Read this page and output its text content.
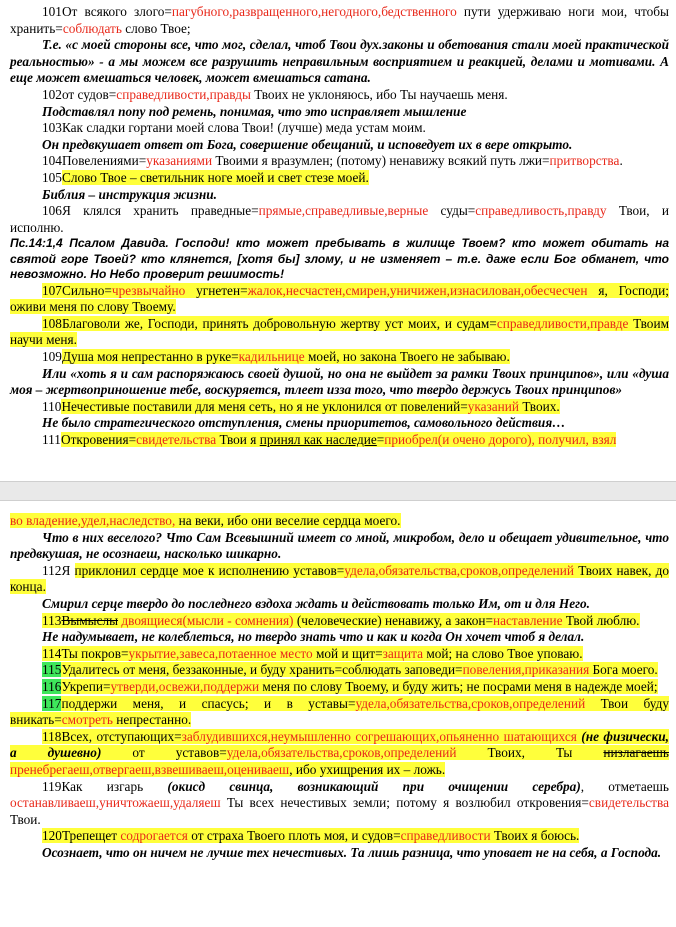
101От всякого злого=пагубного,развращенного,негодного,бедственного пути удерживаю ноги мои, чтобы хранить=соблюдать слово Твое;

Т.е. «с моей стороны все, что мог, сделал, чтоб Твои дух.законы и обетования стали моей практической реальностью» - а мы можем все разрушить неправильным восприятием и реакцией, делами и мотивами. А еще может вмешаться человек, может вмешаться сатана.

102от судов=справедливости,правды Твоих не уклоняюсь, ибо Ты научаешь меня.

Подставлял попу под ремень, понимая, что это исправляет мышление

103Как сладки гортани моей слова Твои! (лучше) меда устам моим.

Он предвкушает ответ от Бога, совершение обещаний, и исповедует их в вере открыто.

104Повелениями=указаниями Твоими я вразумлен; (потому) ненавижу всякий путь лжи=притворства.

105Слово Твое – светильник ноге моей и свет стезе моей.

Библия – инструкция жизни.

106Я клялся хранить праведные=прямые,справедливые,верные суды=справедливость,правду Твои, и исполню.

Пс.14:1,4 Псалом Давида. Господи! кто может пребывать в жилище Твоем? кто может обитать на святой горе Твоей? кто клянется, [хотя бы] злому, и не изменяет – т.е. даже если Бог обманет, что невозможно. Но Небо проверит решимость!

107Сильно=чрезвычайно угнетен=жалок,несчастен,смирен,уничижен,изнасилован,обесчесчен я, Господи; оживи меня по слову Твоему.

108Благоволи же, Господи, принять добровольную жертву уст моих, и судам=справедливости,правде Твоим научи меня.

109Душа моя непрестанно в руке=кадильнице моей, но закона Твоего не забываю.

Или «хоть я и сам распоряжаюсь своей душой, но она не выйдет за рамки Твоих принципов», или «душа моя – жертвоприношение тебе, воскуряется, тлеет изза того, что твердо держусь Твоих принципов»

110Нечестивые поставили для меня сеть, но я не уклонился от повелений=указаний Твоих.

Не было стратегического отступления, смены приоритетов, самовольного действия…

111Откровения=свидетельства Твои я принял как наследие=приобрел(и очено дорого), получил, взял

во владение,удел,наследство, на веки, ибо они веселие сердца моего.

Что в них веселого? Что Сам Всевышний имеет со мной, микробом, дело и обещает удивительное, что предвкушая, не осознаеш, насколько шикарно.

112Я приклонил сердце мое к исполнению уставов=удела,обязательства,сроков,определений Твоих навек, до конца.

Смирил серце твердо до последнего вздоха ждать и действовать только Им, от и для Него.

113Вымыслы двоящиеся(мысли - сомнения) (человеческие) ненавижу, а закон=наставление Твой люблю.

Не надумывает, не колеблеться, но твердо знать что и как и когда Он хочет чтоб я делал.

114Ты покров=укрытие,завеса,потаенное место мой и щит=защита мой; на слово Твое уповаю.

115Удалитесь от меня, беззаконные, и буду хранить=соблюдать заповеди=повеления,приказания Бога моего.

116Укрепи=утверди,освежи,поддержи меня по слову Твоему, и буду жить; не посрами меня в надежде моей;

117поддержи меня, и спасусь; и в уставы=удела,обязательства,сроков,определений Твои буду вникать=смотреть непрестанно.

118Всех, отступающих=заблудившихся,неумышленно согрешающих,опьяненно шатающихся (не физически, а душевно) от уставов=удела,обязательства,сроков,определений Твоих, Ты низлагаешь пренебрегаеш,отвергаеш,взвешиваеш,оцениваеш, ибо ухищрения их – ложь.

119Как изгарь (окисд свинца, возникающий при очищении серебра), отметаешь останавливаеш,уничтожаеш,удаляеш Ты всех нечестивых земли; потому я возлюбил откровения=свидетельства Твои.

120Трепещет содрогается от страха Твоего плоть моя, и судов=справедливости Твоих я боюсь.

Осознает, что он ничем не лучше тех нечестивых. Та лишь разница, что уповает не на себя, а Господа.
